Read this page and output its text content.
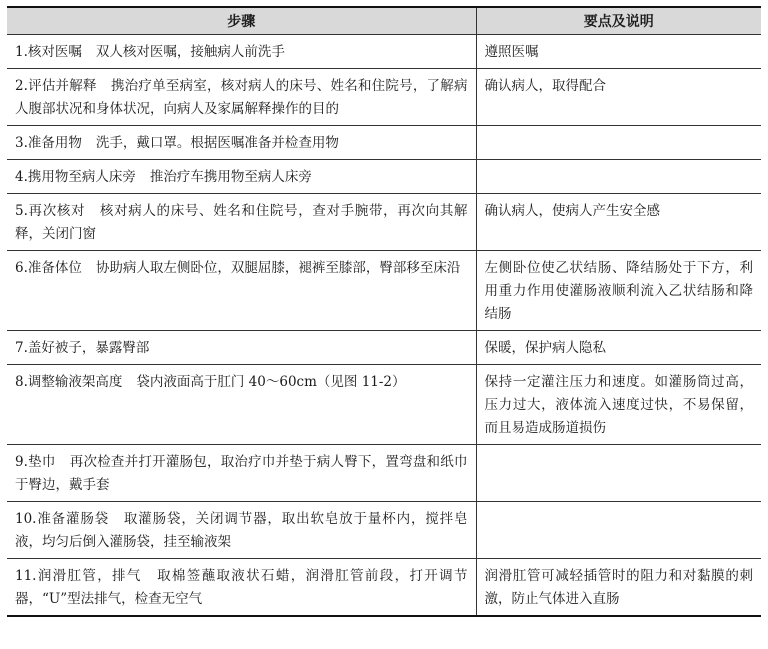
步骤	要点及说明
1.核对医嘱 双人核对医嘱，接触病人前洗手	遵照医嘱
2.评估并解释 携治疗单至病室，核对病人的床号、姓名和住院号，了解病人腹部状况和身体状况，向病人及家属解释操作的目的	确认病人，取得配合
3.准备用物 洗手，戴口罩。根据医嘱准备并检查用物	
4.携用物至病人床旁 推治疗车携用物至病人床旁	
5.再次核对 核对病人的床号、姓名和住院号，查对手腕带，再次向其解释，关闭门窗	确认病人，使病人产生安全感
6.准备体位 协助病人取左侧卧位，双腿屈膝，褪裤至膝部，臀部移至床沿	左侧卧位使乙状结肠、降结肠处于下方，利用重力作用使灌肠液顺利流入乙状结肠和降结肠
7.盖好被子，暴露臀部	保暖，保护病人隐私
8.调整输液架高度 袋内液面高于肛门 40～60cm（见图 11-2）	保持一定灌注压力和速度。如灌肠筒过高，压力过大，液体流入速度过快，不易保留，而且易造成肠道损伤
9.垫巾 再次检查并打开灌肠包，取治疗巾并垫于病人臀下，置弯盘和纸巾于臀边，戴手套	
10.准备灌肠袋 取灌肠袋，关闭调节器，取出软皂放于量杯内，搅拌皂液，均匀后倒入灌肠袋，挂至输液架	
11.润滑肛管，排气 取棉签蘸取液状石蜡，润滑肛管前段，打开调节器，“U”型法排气，检查无空气	润滑肛管可减轻插管时的阻力和对黏膜的刺激，防止气体进入直肠
